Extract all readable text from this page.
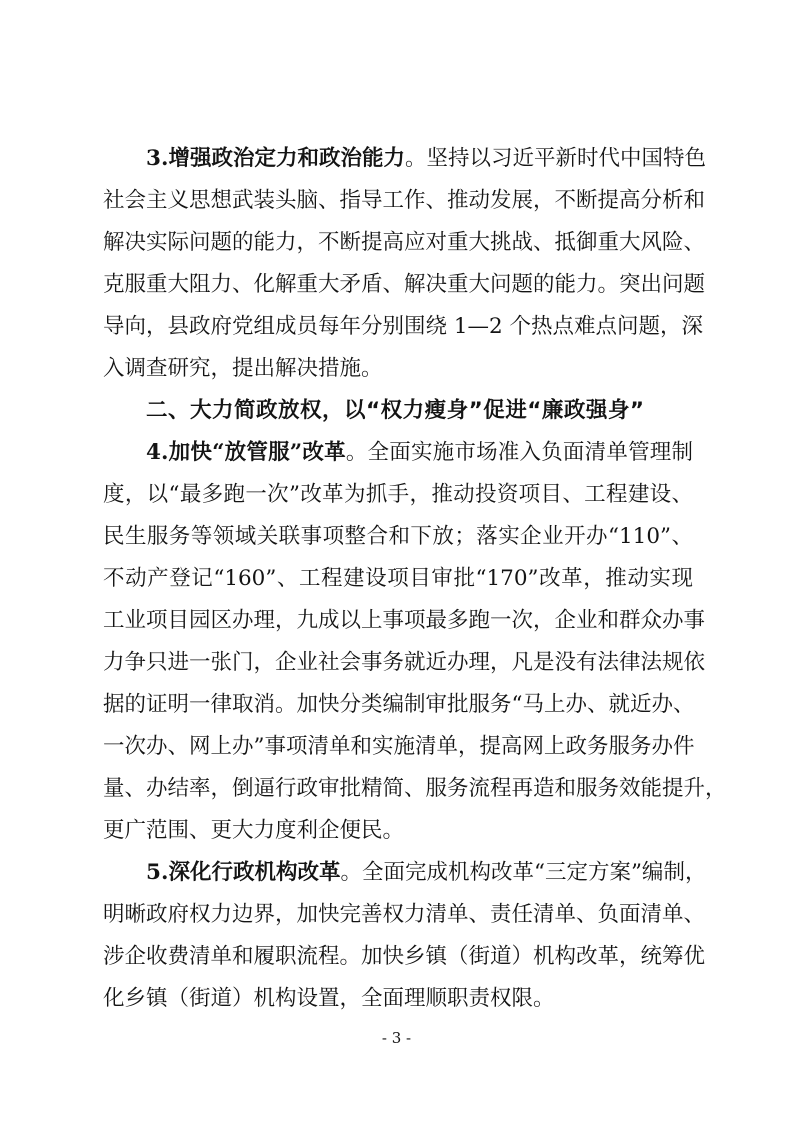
3.增强政治定力和政治能力。坚持以习近平新时代中国特色
社会主义思想武装头脑、指导工作、推动发展，不断提高分析和
解决实际问题的能力，不断提高应对重大挑战、抵御重大风险、
克服重大阻力、化解重大矛盾、解决重大问题的能力。突出问题
导向，县政府党组成员每年分别围绕 1—2 个热点难点问题，深
入调查研究，提出解决措施。
二、大力简政放权，以“权力瘦身”促进“廉政强身”
4.加快“放管服”改革。全面实施市场准入负面清单管理制
度，以“最多跑一次”改革为抓手，推动投资项目、工程建设、
民生服务等领域关联事项整合和下放；落实企业开办“110”、
不动产登记“160”、工程建设项目审批“170”改革，推动实现
工业项目园区办理，九成以上事项最多跑一次，企业和群众办事
力争只进一张门，企业社会事务就近办理，凡是没有法律法规依
据的证明一律取消。加快分类编制审批服务“马上办、就近办、
一次办、网上办”事项清单和实施清单，提高网上政务服务办件
量、办结率，倒逼行政审批精简、服务流程再造和服务效能提升，
更广范围、更大力度利企便民。
5.深化行政机构改革。全面完成机构改革“三定方案”编制，
明晰政府权力边界，加快完善权力清单、责任清单、负面清单、
涉企收费清单和履职流程。加快乡镇（街道）机构改革，统筹优
化乡镇（街道）机构设置，全面理顺职责权限。
- 3 -
